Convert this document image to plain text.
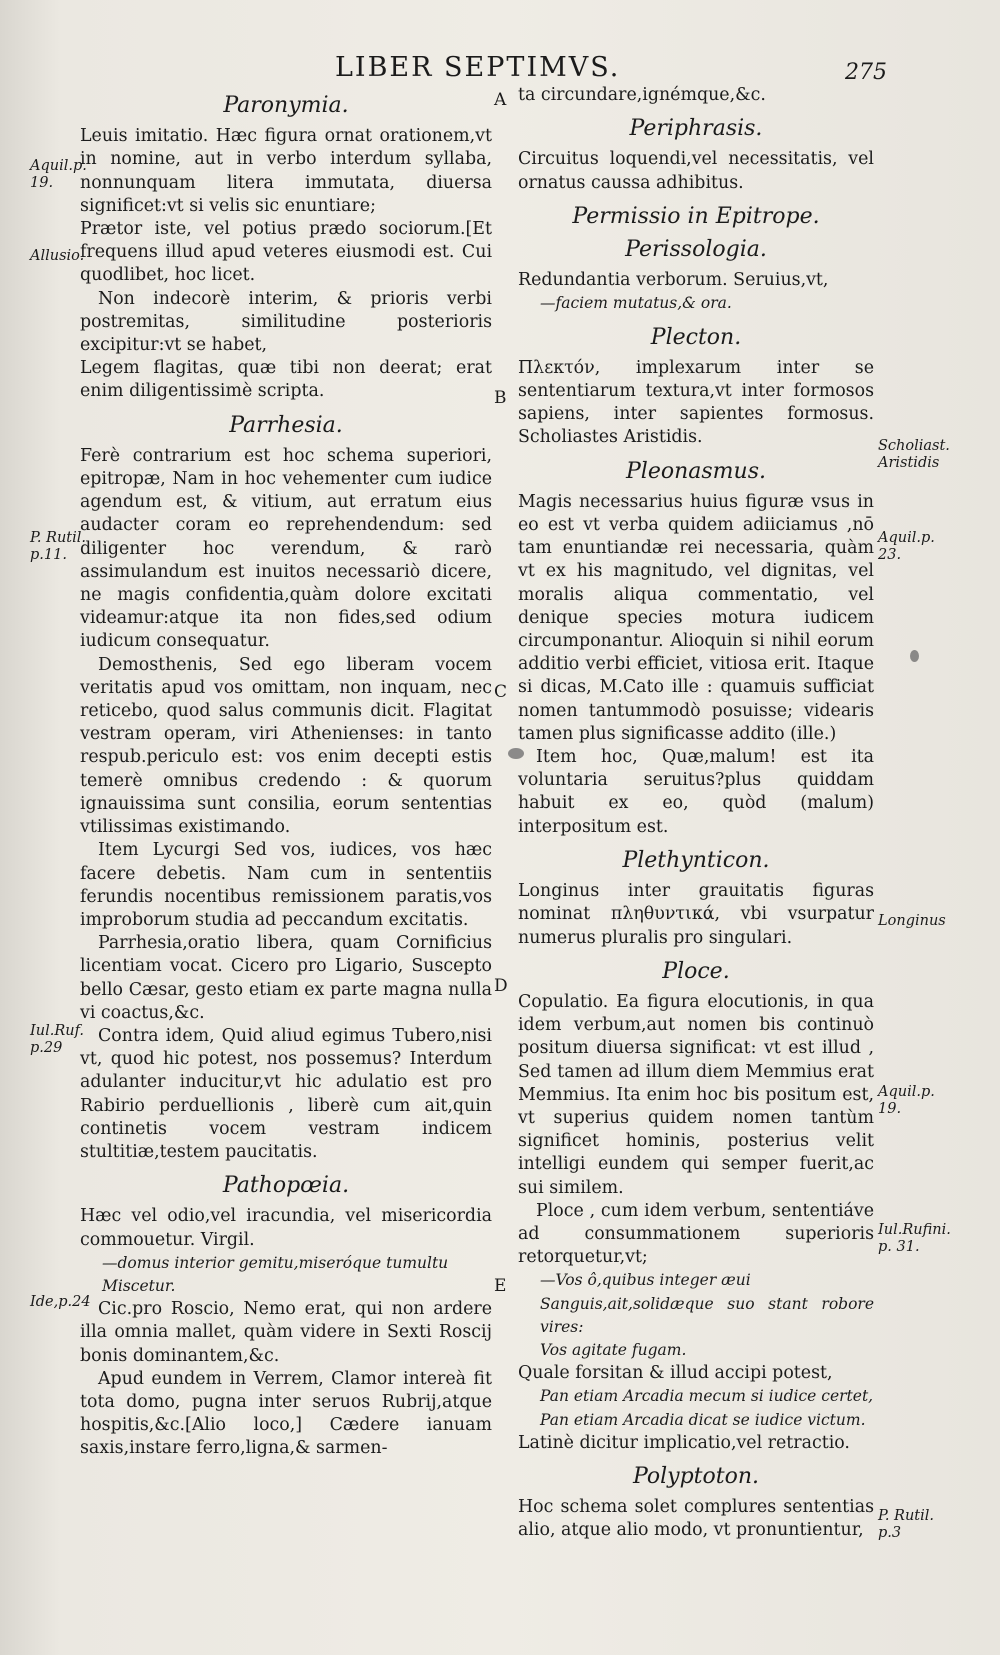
LIBER SEPTIMVS.	275
A
B
C
D
E
Paronymia.

Leuis imitatio. Hæc figura ornat orationem,vt in nomine, aut in verbo interdum syllaba, nonnunquam litera immutata, diuersa significet:vt si velis sic enuntiare;

Prætor iste, vel potius prædo sociorum.[Et frequens illud apud veteres eiusmodi est. Cui quodlibet, hoc licet.

Non indecorè interim, & prioris verbi postremitas, similitudine posterioris excipitur:vt se habet,

Legem flagitas, quæ tibi non deerat; erat enim diligentissimè scripta.

Parrhesia.

Ferè contrarium est hoc schema superiori, epitropæ, Nam in hoc vehementer cum iudice agendum est, & vitium, aut erratum eius audacter coram eo reprehendendum: sed diligenter hoc verendum, & rarò assimulandum est inuitos necessariò dicere, ne magis confidentia,quàm dolore excitati videamur:atque ita non fides,sed odium iudicum consequatur.

Demosthenis, Sed ego liberam vocem veritatis apud vos omittam, non inquam, nec reticebo, quod salus communis dicit. Flagitat vestram operam, viri Athenienses: in tanto respub.periculo est: vos enim decepti estis temerè omnibus credendo : & quorum ignauissima sunt consilia, eorum sententias vtilissimas existimando.

Item Lycurgi Sed vos, iudices, vos hæc facere debetis. Nam cum in sententiis ferundis nocentibus remissionem paratis,vos improborum studia ad peccandum excitatis.

Parrhesia,oratio libera, quam Cornificius licentiam vocat. Cicero pro Ligario, Suscepto bello Cæsar, gesto etiam ex parte magna nulla vi coactus,&c.

Contra idem, Quid aliud egimus Tubero,nisi vt, quod hic potest, nos possemus? Interdum adulanter inducitur,vt hic adulatio est pro Rabirio perduellionis , liberè cum ait,quin continetis vocem vestram indicem stultitiæ,testem paucitatis.

Pathopœia.

Hæc vel odio,vel iracundia, vel misericordia commouetur. Virgil.

—domus interior gemitu,miseróque tumultu

Miscetur.

Cic.pro Roscio, Nemo erat, qui non ardere illa omnia mallet, quàm videre in Sexti Roscij bonis dominantem,&c.

Apud eundem in Verrem, Clamor intereà fit tota domo, pugna inter seruos Rubrij,atque hospitis,&c.[Alio loco,] Cædere ianuam saxis,instare ferro,ligna,& sarmen-

ta circundare,ignémque,&c.

Periphrasis.

Circuitus loquendi,vel necessitatis, vel ornatus caussa adhibitus.

Permissio in Epitrope.
Perissologia.

Redundantia verborum. Seruius,vt,

—faciem mutatus,& ora.

Plecton.

Πλεκτόν, implexarum inter se sententiarum textura,vt inter formosos sapiens, inter sapientes formosus. Scholiastes Aristidis.

Pleonasmus.

Magis necessarius huius figuræ vsus in eo est vt verba quidem adiiciamus ,nō tam enuntiandæ rei necessaria, quàm vt ex his magnitudo, vel dignitas, vel moralis aliqua commentatio, vel denique species motura iudicem circumponantur. Alioquin si nihil eorum additio verbi efficiet, vitiosa erit. Itaque si dicas, M.Cato ille : quamuis sufficiat nomen tantummodò posuisse; videaris tamen plus significasse addito (ille.)

Item hoc, Quæ,malum! est ita voluntaria seruitus?plus quiddam habuit ex eo, quòd (malum) interpositum est.

Plethynticon.

Longinus inter grauitatis figuras nominat πληθυντικά, vbi vsurpatur numerus pluralis pro singulari.

Ploce.

Copulatio. Ea figura elocutionis, in qua idem verbum,aut nomen bis continuò positum diuersa significat: vt est illud , Sed tamen ad illum diem Memmius erat Memmius. Ita enim hoc bis positum est, vt superius quidem nomen tantùm significet hominis, posterius velit intelligi eundem qui semper fuerit,ac sui similem.

Ploce , cum idem verbum, sententiáve ad consummationem superioris retorquetur,vt;

—Vos ô,quibus integer æui

Sanguis,ait,solidæque suo stant robore vires:

Vos agitate fugam.

Quale forsitan & illud accipi potest,

Pan etiam Arcadia mecum si iudice certet,

Pan etiam Arcadia dicat se iudice victum.

Latinè dicitur implicatio,vel retractio.

Polyptoton.

Hoc schema solet complures sententias alio, atque alio modo, vt pronuntientur,

Aquil.p. 19.
Allusio.
P. Rutil. p.11.
Iul.Ruf. p.29
Ide,p.24
Scholiast. Aristidis
Aquil.p. 23.
Longinus
Aquil.p. 19.
Iul.Rufini. p. 31.
P. Rutil. p.3
